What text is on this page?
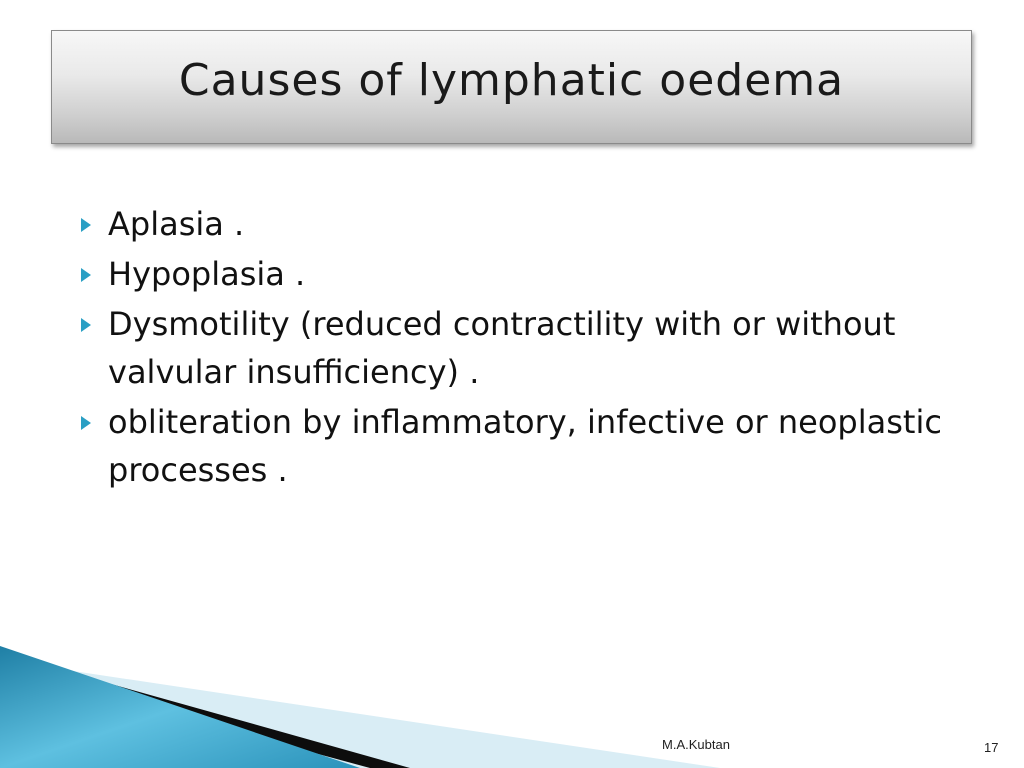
Causes of lymphatic oedema
Aplasia .
Hypoplasia .
Dysmotility (reduced contractility with or without valvular insufficiency) .
obliteration by inflammatory, infective or neoplastic processes .
M.A.Kubtan	17
